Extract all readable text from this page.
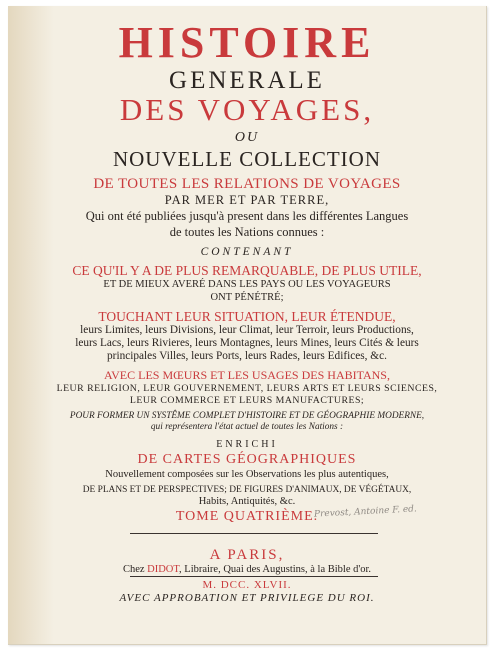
HISTOIRE

GENERALE

DES VOYAGES,

OU

NOUVELLE COLLECTION

DE TOUTES LES RELATIONS DE VOYAGES

PAR MER ET PAR TERRE,

Qui ont été publiées jusqu'à present dans les différentes Langues

de toutes les Nations connues :

CONTENANT

CE QU'IL Y A DE PLUS REMARQUABLE, DE PLUS UTILE,

ET DE MIEUX AVERÉ DANS LES PAYS OU LES VOYAGEURS

ONT PÉNÉTRÉ;

TOUCHANT LEUR SITUATION, LEUR ÉTENDUE,

leurs Limites, leurs Divisions, leur Climat, leur Terroir, leurs Productions,

leurs Lacs, leurs Rivieres, leurs Montagnes, leurs Mines, leurs Cités & leurs

principales Villes, leurs Ports, leurs Rades, leurs Edifices, &c.

AVEC LES MŒURS ET LES USAGES DES HABITANS,

LEUR RELIGION, LEUR GOUVERNEMENT, LEURS ARTS ET LEURS SCIENCES,

LEUR COMMERCE ET LEURS MANUFACTURES;

POUR FORMER UN SYSTÊME COMPLET D'HISTOIRE ET DE GÉOGRAPHIE MODERNE,

qui représentera l'état actuel de toutes les Nations :

ENRICHI

DE CARTES GÉOGRAPHIQUES

Nouvellement composées sur les Observations les plus autentiques,

DE PLANS ET DE PERSPECTIVES; DE FIGURES D'ANIMAUX, DE VÉGÉTAUX,

Habits, Antiquités, &c.

TOME QUATRIÈME.

Prevost, Antoine F. ed.

A PARIS,

Chez DIDOT, Libraire, Quai des Augustins, à la Bible d'or.

M. DCC. XLVII.

AVEC APPROBATION ET PRIVILEGE DU ROI.
